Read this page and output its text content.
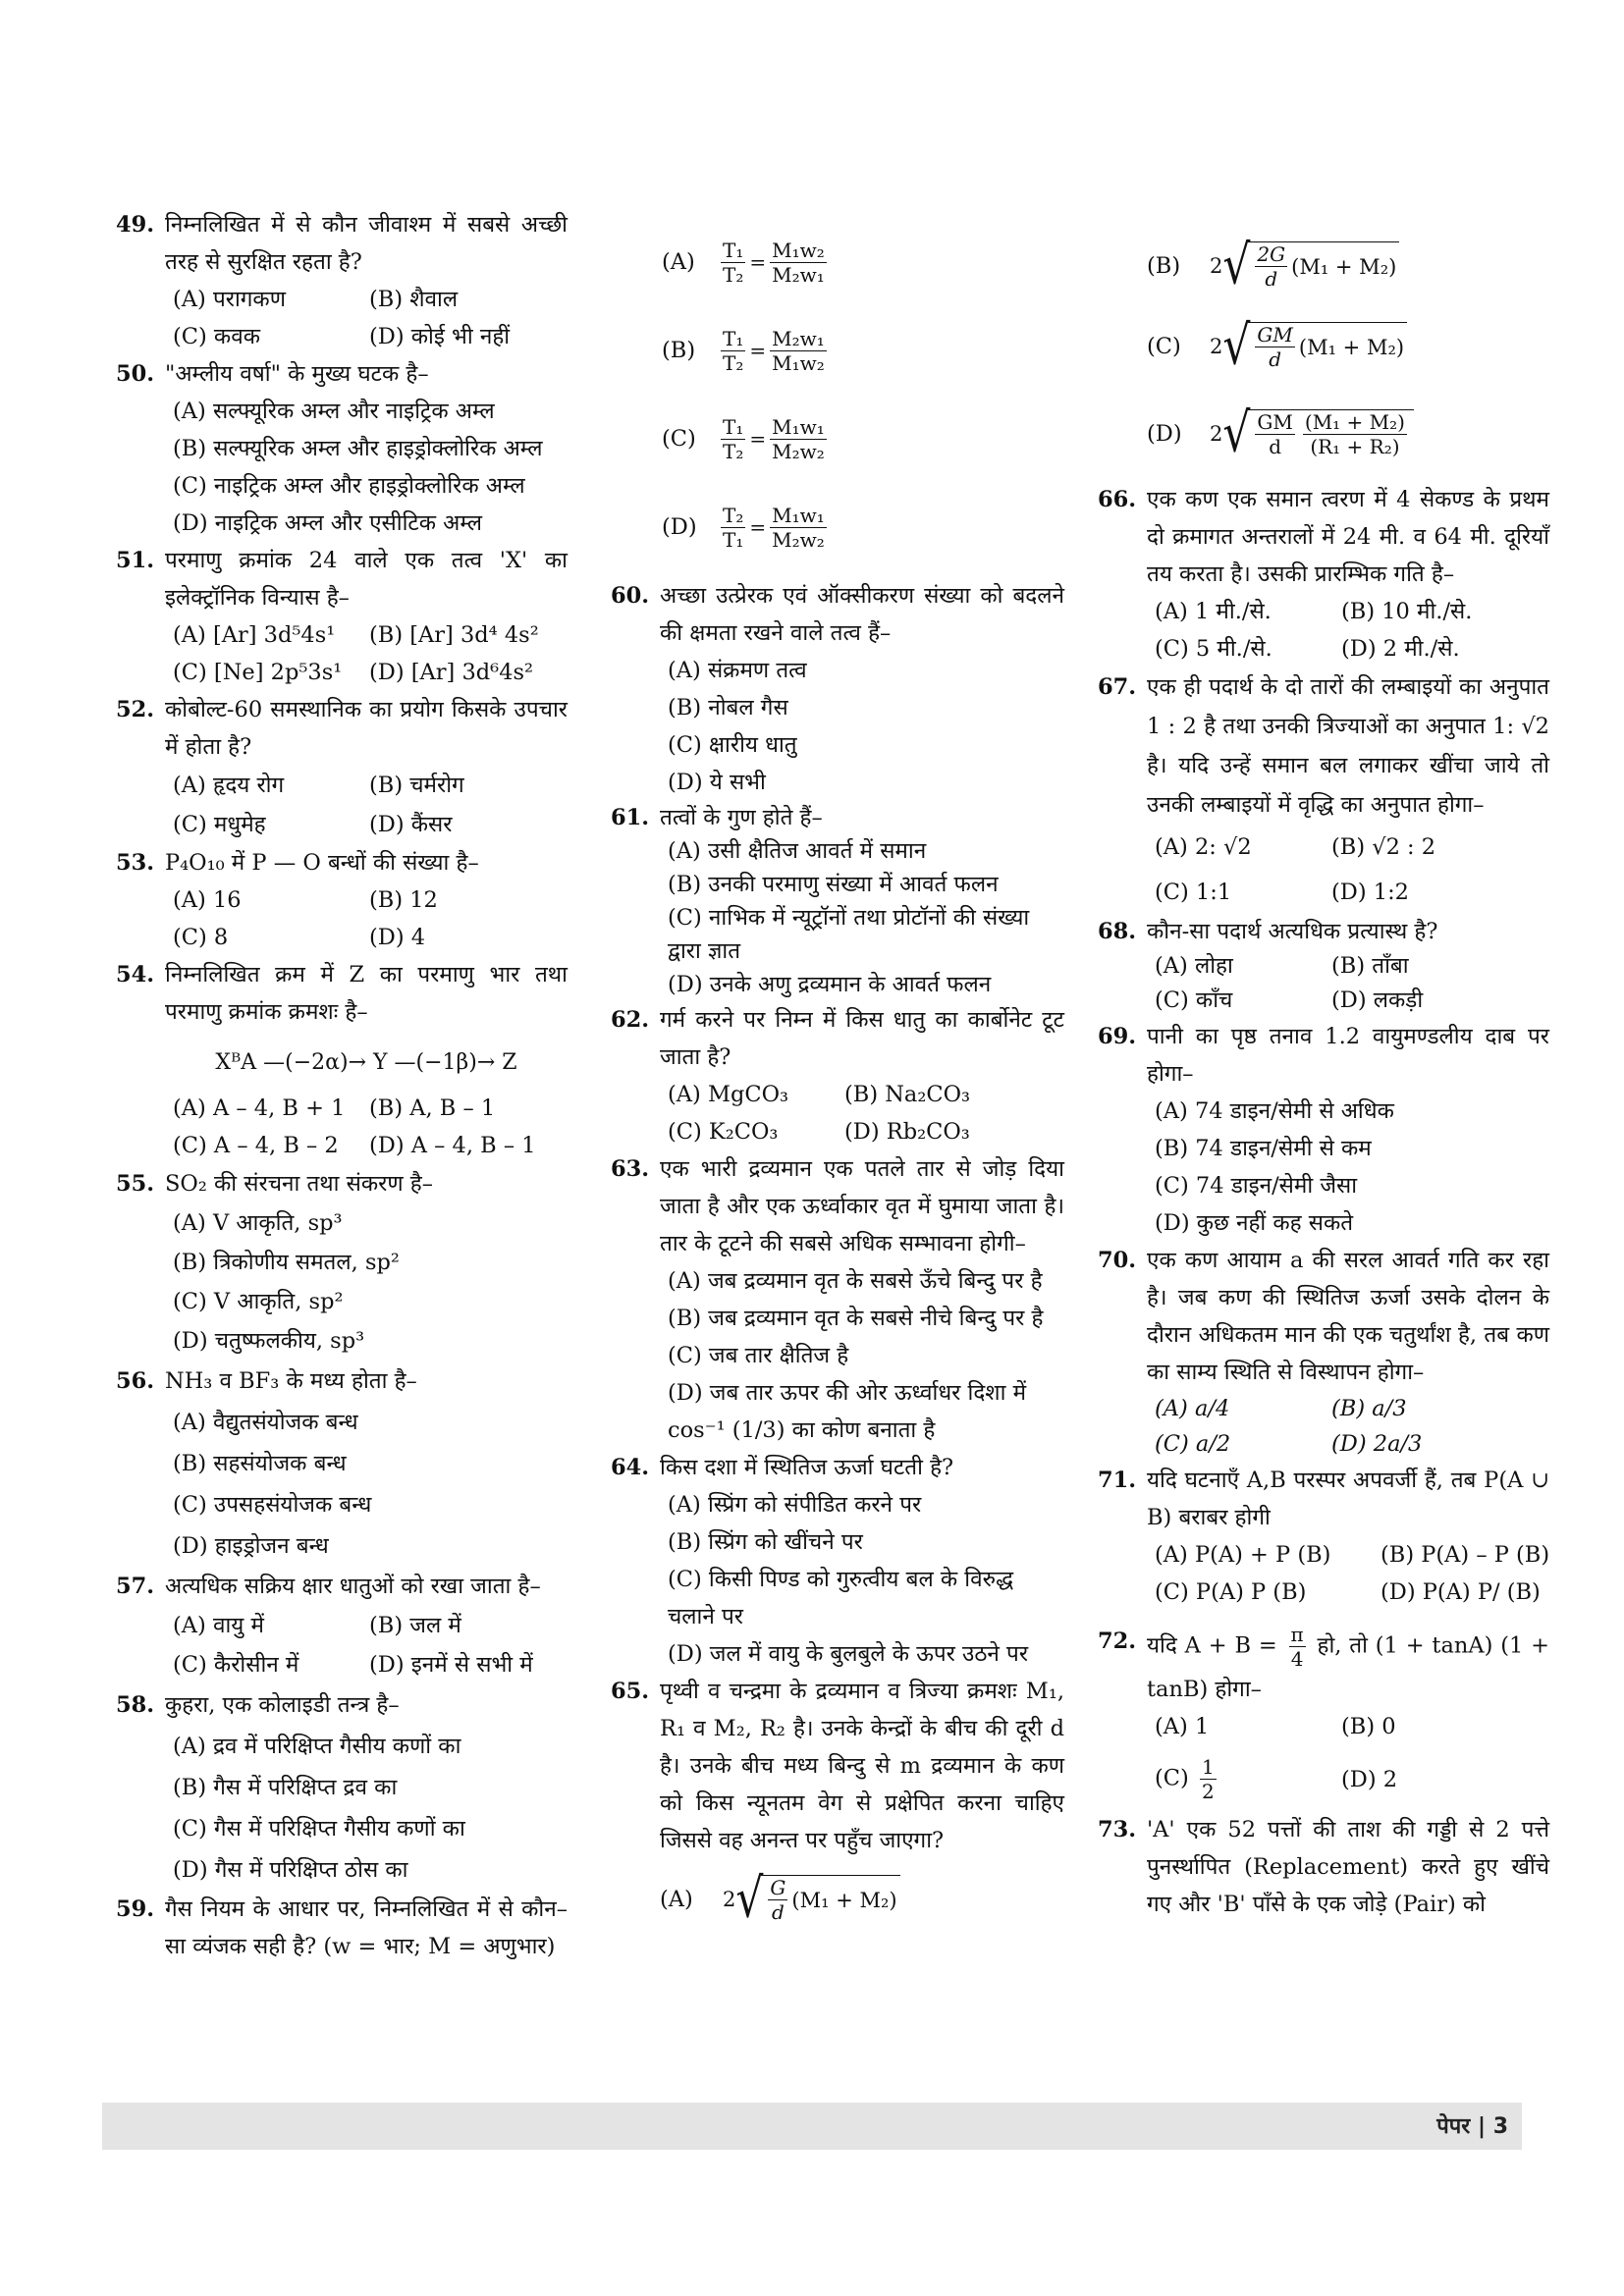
49. निम्नलिखित में से कौन जीवाश्म में सबसे अच्छी तरह से सुरक्षित रहता है?
(A) परागकण	(B) शैवाल
(C) कवक	(D) कोई भी नहीं
50. "अम्लीय वर्षा" के मुख्य घटक है–
(A) सल्फ्यूरिक अम्ल और नाइट्रिक अम्ल
(B) सल्फ्यूरिक अम्ल और हाइड्रोक्लोरिक अम्ल
(C) नाइट्रिक अम्ल और हाइड्रोक्लोरिक अम्ल
(D) नाइट्रिक अम्ल और एसीटिक अम्ल
51. परमाणु क्रमांक 24 वाले एक तत्व 'X' का इलेक्ट्रॉनिक विन्यास है–
(A) [Ar] 3d⁵4s¹	(B) [Ar] 3d⁴ 4s²
(C) [Ne] 2p⁵3s¹	(D) [Ar] 3d⁶4s²
52. कोबोल्ट-60 समस्थानिक का प्रयोग किसके उपचार में होता है?
(A) हृदय रोग	(B) चर्मरोग
(C) मधुमेह	(D) कैंसर
53. P₄O₁₀ में P — O बन्धों की संख्या है–
(A) 16	(B) 12
(C) 8	(D) 4
54. निम्नलिखित क्रम में Z का परमाणु भार तथा परमाणु क्रमांक क्रमशः है–
XᴮA —(−2α)→ Y —(−1β)→ Z
(A) A – 4, B + 1	(B) A, B – 1
(C) A – 4, B – 2	(D) A – 4, B – 1
55. SO₂ की संरचना तथा संकरण है–
(A) V आकृति, sp³
(B) त्रिकोणीय समतल, sp²
(C) V आकृति, sp²
(D) चतुष्फलकीय, sp³
56. NH₃ व BF₃ के मध्य होता है–
(A) वैद्युतसंयोजक बन्ध
(B) सहसंयोजक बन्ध
(C) उपसहसंयोजक बन्ध
(D) हाइड्रोजन बन्ध
57. अत्यधिक सक्रिय क्षार धातुओं को रखा जाता है–
(A) वायु में	(B) जल में
(C) कैरोसीन में	(D) इनमें से सभी में
58. कुहरा, एक कोलाइडी तन्त्र है–
(A) द्रव में परिक्षिप्त गैसीय कणों का
(B) गैस में परिक्षिप्त द्रव का
(C) गैस में परिक्षिप्त गैसीय कणों का
(D) गैस में परिक्षिप्त ठोस का
59. गैस नियम के आधार पर, निम्नलिखित में से कौन–सा व्यंजक सही है? (w = भार; M = अणुभार)
(A)	$\frac{\text{T₁}}{\text{T₂}} = \frac{\text{M₁w₂}}{\text{M₂w₁}}$
(B)	$\frac{\text{T₁}}{\text{T₂}} = \frac{\text{M₂w₁}}{\text{M₁w₂}}$
(C)	$\frac{\text{T₁}}{\text{T₂}} = \frac{\text{M₁w₁}}{\text{M₂w₂}}$
(D)	$\frac{\text{T₂}}{\text{T₁}} = \frac{\text{M₁w₁}}{\text{M₂w₂}}$
60. अच्छा उत्प्रेरक एवं ऑक्सीकरण संख्या को बदलने की क्षमता रखने वाले तत्व हैं–
(A) संक्रमण तत्व
(B) नोबल गैस
(C) क्षारीय धातु
(D) ये सभी
61. तत्वों के गुण होते हैं–
(A) उसी क्षैतिज आवर्त में समान
(B) उनकी परमाणु संख्या में आवर्त फलन
(C) नाभिक में न्यूट्रॉनों तथा प्रोटॉनों की संख्या द्वारा ज्ञात
(D) उनके अणु द्रव्यमान के आवर्त फलन
62. गर्म करने पर निम्न में किस धातु का कार्बोनेट टूट जाता है?
(A) MgCO₃	(B) Na₂CO₃
(C) K₂CO₃	(D) Rb₂CO₃
63. एक भारी द्रव्यमान एक पतले तार से जोड़ दिया जाता है और एक ऊर्ध्वाकार वृत में घुमाया जाता है। तार के टूटने की सबसे अधिक सम्भावना होगी–
(A) जब द्रव्यमान वृत के सबसे ऊँचे बिन्दु पर है
(B) जब द्रव्यमान वृत के सबसे नीचे बिन्दु पर है
(C) जब तार क्षैतिज है
(D) जब तार ऊपर की ओर ऊर्ध्वाधर दिशा में cos⁻¹ (1/3) का कोण बनाता है
64. किस दशा में स्थितिज ऊर्जा घटती है?
(A) स्प्रिंग को संपीडित करने पर
(B) स्प्रिंग को खींचने पर
(C) किसी पिण्ड को गुरुत्वीय बल के विरुद्ध चलाने पर
(D) जल में वायु के बुलबुले के ऊपर उठने पर
65. पृथ्वी व चन्द्रमा के द्रव्यमान व त्रिज्या क्रमशः M₁, R₁ व M₂, R₂ है। उनके केन्द्रों के बीच की दूरी d है। उनके बीच मध्य बिन्दु से m द्रव्यमान के कण को किस न्यूनतम वेग से प्रक्षेपित करना चाहिए जिससे वह अनन्त पर पहुँच जाएगा?
(A)	2 √ $\frac{G}{d} (M_1 + M_2)$
(B)	2 √ $\frac{2G}{d} (M_1 + M_2)$
(C)	2 √ $\frac{GM}{d} (M_1 + M_2)$
(D)	2 √ $\frac{GM}{d} \frac{\text{(M₁ + M₂)}}{\text{(R₁ + R₂)}}$
66. एक कण एक समान त्वरण में 4 सेकण्ड के प्रथम दो क्रमागत अन्तरालों में 24 मी. व 64 मी. दूरियाँ तय करता है। उसकी प्रारम्भिक गति है–
(A) 1 मी./से.	(B) 10 मी./से.
(C) 5 मी./से.	(D) 2 मी./से.
67. एक ही पदार्थ के दो तारों की लम्बाइयों का अनुपात 1 : 2 है तथा उनकी त्रिज्याओं का अनुपात 1: √2 है। यदि उन्हें समान बल लगाकर खींचा जाये तो उनकी लम्बाइयों में वृद्धि का अनुपात होगा–
(A) 2: √2	(B) √2 : 2
(C) 1:1	(D) 1:2
68. कौन-सा पदार्थ अत्यधिक प्रत्यास्थ है?
(A) लोहा	(B) ताँबा
(C) काँच	(D) लकड़ी
69. पानी का पृष्ठ तनाव 1.2 वायुमण्डलीय दाब पर होगा–
(A) 74 डाइन/सेमी से अधिक
(B) 74 डाइन/सेमी से कम
(C) 74 डाइन/सेमी जैसा
(D) कुछ नहीं कह सकते
70. एक कण आयाम a की सरल आवर्त गति कर रहा है। जब कण की स्थितिज ऊर्जा उसके दोलन के दौरान अधिकतम मान की एक चतुर्थांश है, तब कण का साम्य स्थिति से विस्थापन होगा–
(A) a/4	(B) a/3
(C) a/2	(D) 2a/3
71. यदि घटनाएँ A,B परस्पर अपवर्जी हैं, तब P(A ∪ B) बराबर होगी
(A) P(A) + P (B)	(B) P(A) – P (B)
(C) P(A) P (B)	(D) P(A) P/ (B)
72. यदि $A + B = \frac{\pi}{4}$ हो, तो (1 + tanA) (1 + tanB) होगा–
(A) 1	(B) 0
$(C) \frac{1}{2}$	(D) 2
73. 'A' एक 52 पत्तों की ताश की गड्डी से 2 पत्ते पुनर्स्थापित (Replacement) करते हुए खींचे गए और 'B' पाँसे के एक जोड़े (Pair) को
पेपर | 3
